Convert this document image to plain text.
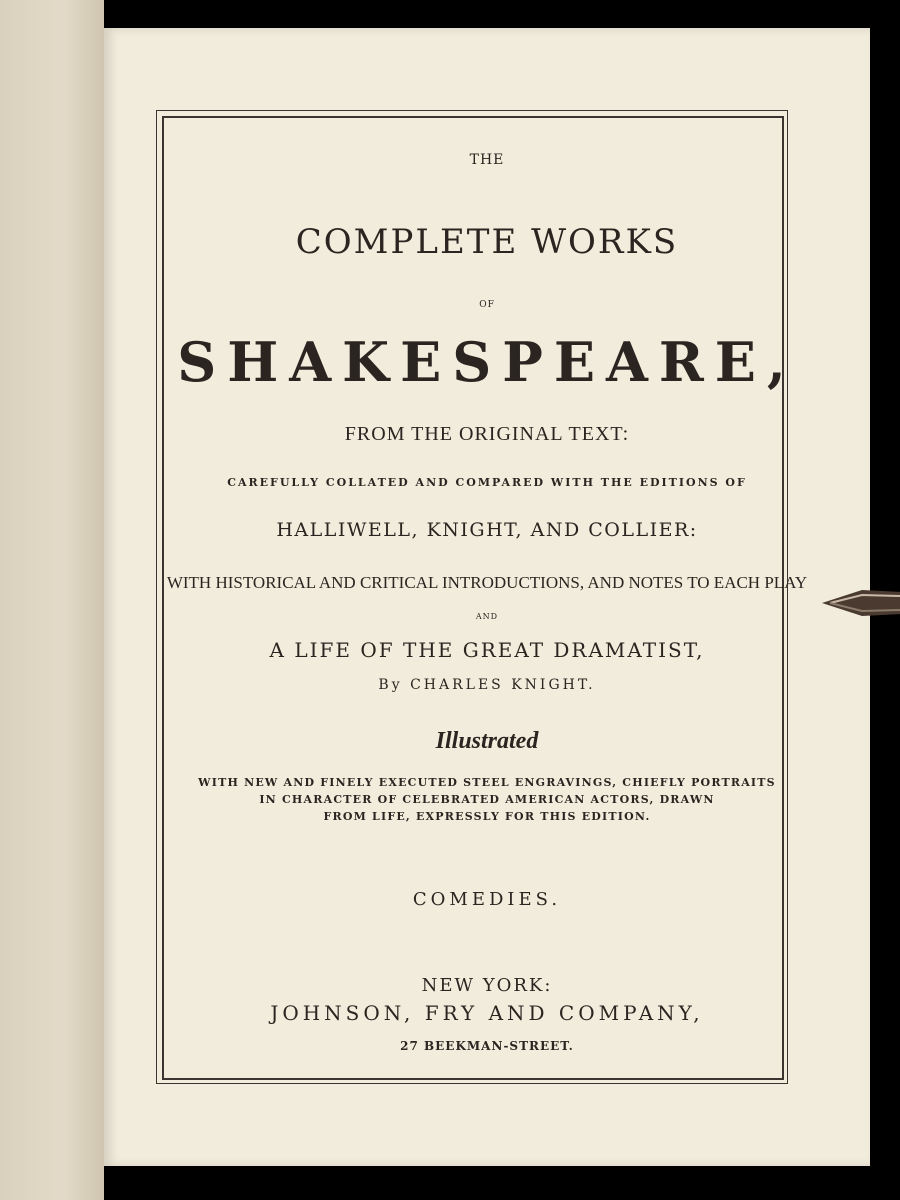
THE
COMPLETE WORKS
OF
SHAKESPEARE,
FROM THE ORIGINAL TEXT:
CAREFULLY COLLATED AND COMPARED WITH THE EDITIONS OF
HALLIWELL, KNIGHT, AND COLLIER:
WITH HISTORICAL AND CRITICAL INTRODUCTIONS, AND NOTES TO EACH PLAY
AND
A LIFE OF THE GREAT DRAMATIST,
By CHARLES KNIGHT.
Illustrated
WITH NEW AND FINELY EXECUTED STEEL ENGRAVINGS, CHIEFLY PORTRAITS
IN CHARACTER OF CELEBRATED AMERICAN ACTORS, DRAWN
FROM LIFE, EXPRESSLY FOR THIS EDITION.
COMEDIES.
NEW YORK:
JOHNSON, FRY AND COMPANY,
27 BEEKMAN-STREET.
